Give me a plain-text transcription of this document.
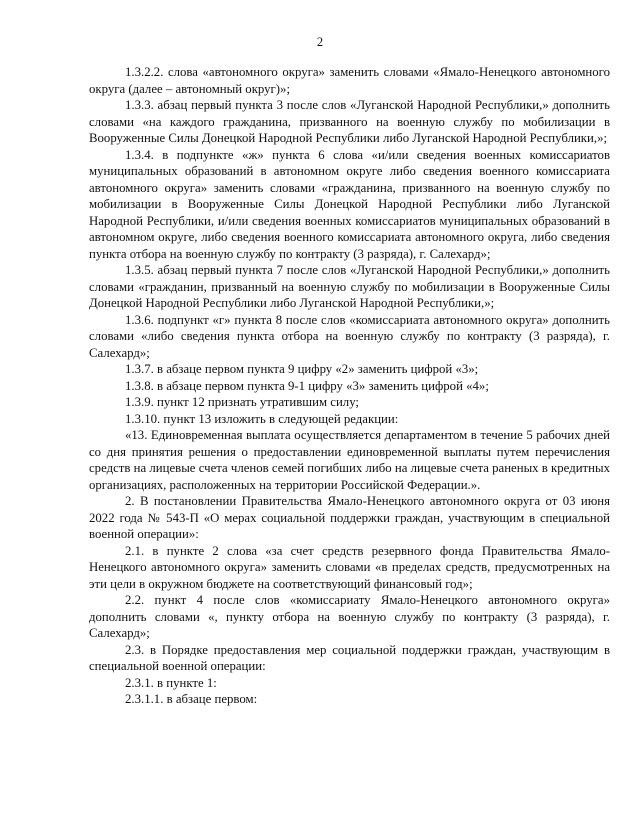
2

1.3.2.2. слова «автономного округа» заменить словами «Ямало-Ненецкого автономного округа (далее – автономный округ)»;

1.3.3. абзац первый пункта 3 после слов «Луганской Народной Республики,» дополнить словами «на каждого гражданина, призванного на военную службу по мобилизации в Вооруженные Силы Донецкой Народной Республики либо Луганской Народной Республики,»;

1.3.4. в подпункте «ж» пункта 6 слова «и/или сведения военных комиссариатов муниципальных образований в автономном округе либо сведения военного комиссариата автономного округа» заменить словами «гражданина, призванного на военную службу по мобилизации в Вооруженные Силы Донецкой Народной Республики либо Луганской Народной Республики, и/или сведения военных комиссариатов муниципальных образований в автономном округе, либо сведения военного комиссариата автономного округа, либо сведения пункта отбора на военную службу по контракту (3 разряда), г. Салехард»;

1.3.5. абзац первый пункта 7 после слов «Луганской Народной Республики,» дополнить словами «гражданин, призванный на военную службу по мобилизации в Вооруженные Силы Донецкой Народной Республики либо Луганской Народной Республики,»;

1.3.6. подпункт «г» пункта 8 после слов «комиссариата автономного округа» дополнить словами «либо сведения пункта отбора на военную службу по контракту (3 разряда), г. Салехард»;

1.3.7. в абзаце первом пункта 9 цифру «2» заменить цифрой «3»;

1.3.8. в абзаце первом пункта 9-1 цифру «3» заменить цифрой «4»;

1.3.9. пункт 12 признать утратившим силу;

1.3.10. пункт 13 изложить в следующей редакции:

«13. Единовременная выплата осуществляется департаментом в течение 5 рабочих дней со дня принятия решения о предоставлении единовременной выплаты путем перечисления средств на лицевые счета членов семей погибших либо на лицевые счета раненых в кредитных организациях, расположенных на территории Российской Федерации.».

2. В постановлении Правительства Ямало-Ненецкого автономного округа от 03 июня 2022 года № 543-П «О мерах социальной поддержки граждан, участвующим в специальной военной операции»:

2.1. в пункте 2 слова «за счет средств резервного фонда Правительства Ямало-Ненецкого автономного округа» заменить словами «в пределах средств, предусмотренных на эти цели в окружном бюджете на соответствующий финансовый год»;

2.2. пункт 4 после слов «комиссариату Ямало-Ненецкого автономного округа» дополнить словами «, пункту отбора на военную службу по контракту (3 разряда), г. Салехард»;

2.3. в Порядке предоставления мер социальной поддержки граждан, участвующим в специальной военной операции:

2.3.1. в пункте 1:

2.3.1.1. в абзаце первом:
